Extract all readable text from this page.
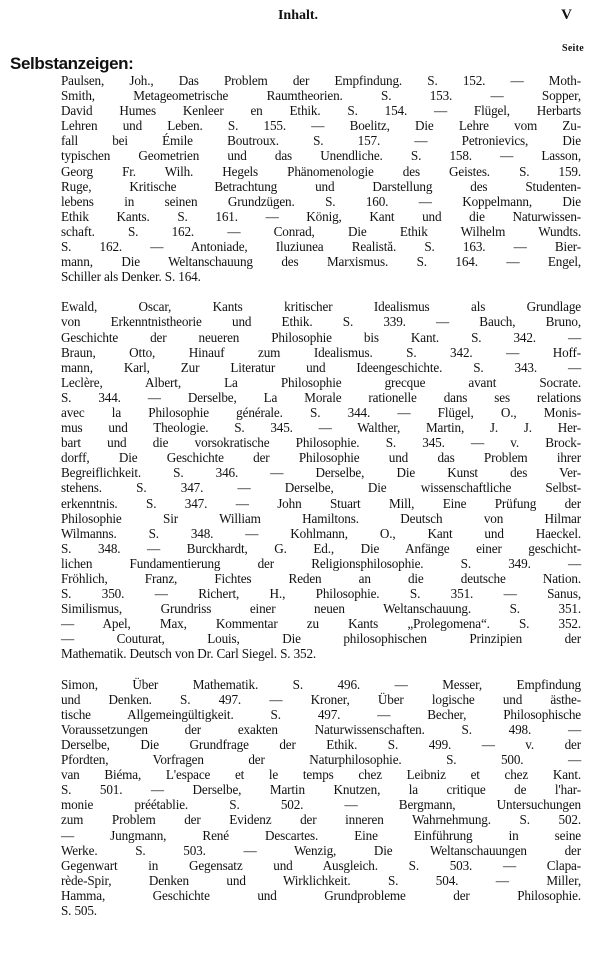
Inhalt.	V
Seite
Selbstanzeigen:
Paulsen, Joh., Das Problem der Empfindung. S. 152. — Moth-
Smith, Metageometrische Raumtheorien. S. 153. — Sopper,
David Humes Kenleer en Ethik. S. 154. — Flügel, Herbarts
Lehren und Leben. S. 155. — Boelitz, Die Lehre vom Zu-
fall bei Émile Boutroux. S. 157. — Petronievics, Die
typischen Geometrien und das Unendliche. S. 158. — Lasson,
Georg Fr. Wilh. Hegels Phänomenologie des Geistes. S. 159.
Ruge, Kritische Betrachtung und Darstellung des Studenten-
lebens in seinen Grundzügen. S. 160. — Koppelmann, Die
Ethik Kants. S. 161. — König, Kant und die Naturwissen-
schaft. S. 162. — Conrad, Die Ethik Wilhelm Wundts.
S. 162. — Antoniade, Iluziunea Realistă. S. 163. — Bier-
mann, Die Weltanschauung des Marxismus. S. 164. — Engel,
Schiller als Denker. S. 164.
Ewald, Oscar, Kants kritischer Idealismus als Grundlage
von Erkenntnistheorie und Ethik. S. 339. — Bauch, Bruno,
Geschichte der neueren Philosophie bis Kant. S. 342. —
Braun, Otto, Hinauf zum Idealismus. S. 342. — Hoff-
mann, Karl, Zur Literatur und Ideengeschichte. S. 343. —
Leclère, Albert, La Philosophie grecque avant Socrate.
S. 344. — Derselbe, La Morale rationelle dans ses relations
avec la Philosophie générale. S. 344. — Flügel, O., Monis-
mus und Theologie. S. 345. — Walther, Martin, J. J. Her-
bart und die vorsokratische Philosophie. S. 345. — v. Brock-
dorff, Die Geschichte der Philosophie und das Problem ihrer
Begreiflichkeit. S. 346. — Derselbe, Die Kunst des Ver-
stehens. S. 347. — Derselbe, Die wissenschaftliche Selbst-
erkenntnis. S. 347. — John Stuart Mill, Eine Prüfung der
Philosophie Sir William Hamiltons. Deutsch von Hilmar
Wilmanns. S. 348. — Kohlmann, O., Kant und Haeckel.
S. 348. — Burckhardt, G. Ed., Die Anfänge einer geschicht-
lichen Fundamentierung der Religionsphilosophie. S. 349. —
Fröhlich, Franz, Fichtes Reden an die deutsche Nation.
S. 350. — Richert, H., Philosophie. S. 351. — Sanus,
Similismus, Grundriss einer neuen Weltanschauung. S. 351.
— Apel, Max, Kommentar zu Kants „Prolegomena“. S. 352.
— Couturat, Louis, Die philosophischen Prinzipien der
Mathematik. Deutsch von Dr. Carl Siegel. S. 352.
Simon, Über Mathematik. S. 496. — Messer, Empfindung
und Denken. S. 497. — Kroner, Über logische und ästhe-
tische Allgemeingültigkeit. S. 497. — Becher, Philosophische
Voraussetzungen der exakten Naturwissenschaften. S. 498. —
Derselbe, Die Grundfrage der Ethik. S. 499. — v. der
Pfordten, Vorfragen der Naturphilosophie. S. 500. —
van Biéma, L'espace et le temps chez Leibniz et chez Kant.
S. 501. — Derselbe, Martin Knutzen, la critique de l'har-
monie préétablie. S. 502. — Bergmann, Untersuchungen
zum Problem der Evidenz der inneren Wahrnehmung. S. 502.
— Jungmann, René Descartes. Eine Einführung in seine
Werke. S. 503. — Wenzig, Die Weltanschauungen der
Gegenwart in Gegensatz und Ausgleich. S. 503. — Clapa-
rède-Spir, Denken und Wirklichkeit. S. 504. — Miller,
Hamma, Geschichte und Grundprobleme der Philosophie.
S. 505.
